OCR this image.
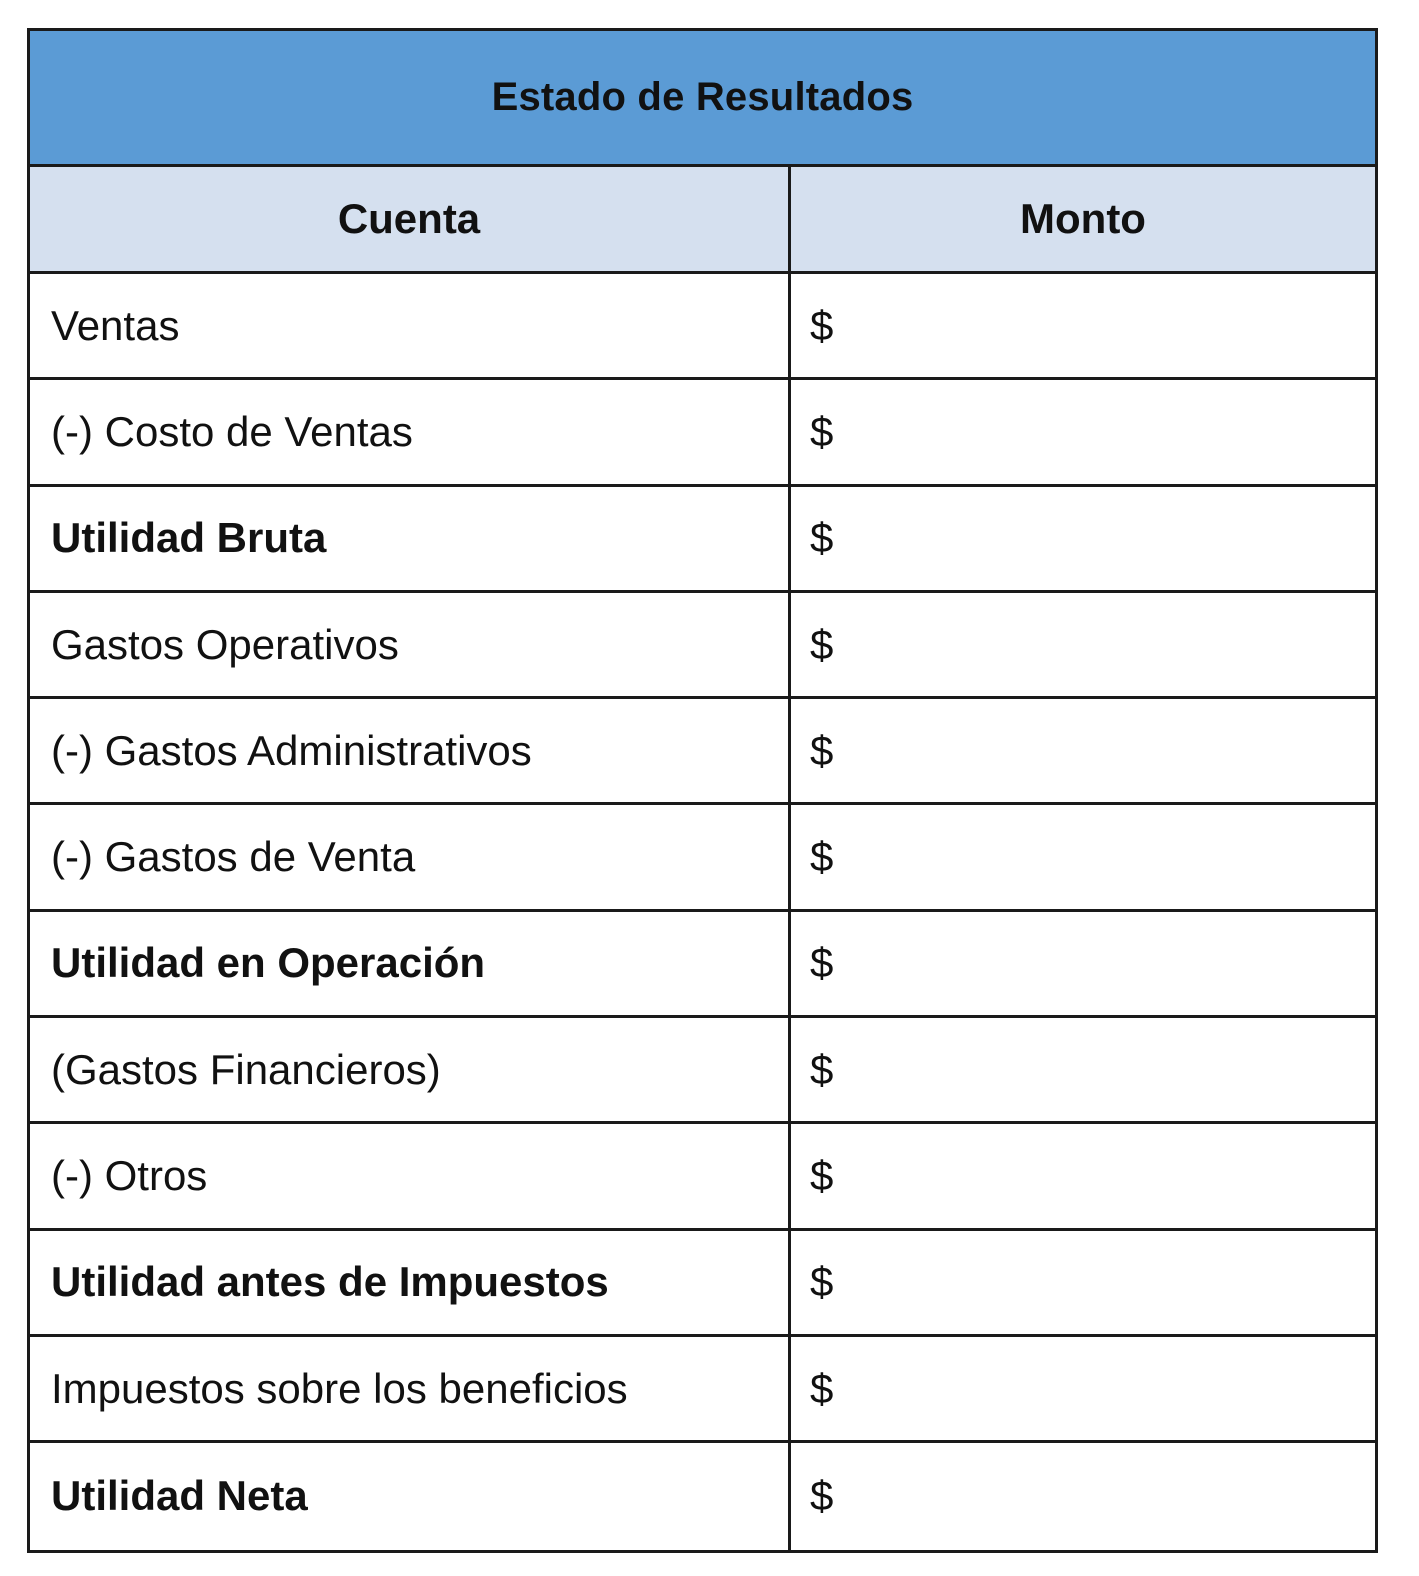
Estado de Resultados
Cuenta	Monto
Ventas	$
(-) Costo de Ventas	$
Utilidad Bruta	$
Gastos Operativos	$
(-) Gastos Administrativos	$
(-) Gastos de Venta	$
Utilidad en Operación	$
(Gastos Financieros)	$
(-) Otros	$
Utilidad antes de Impuestos	$
Impuestos sobre los beneficios	$
Utilidad Neta	$
